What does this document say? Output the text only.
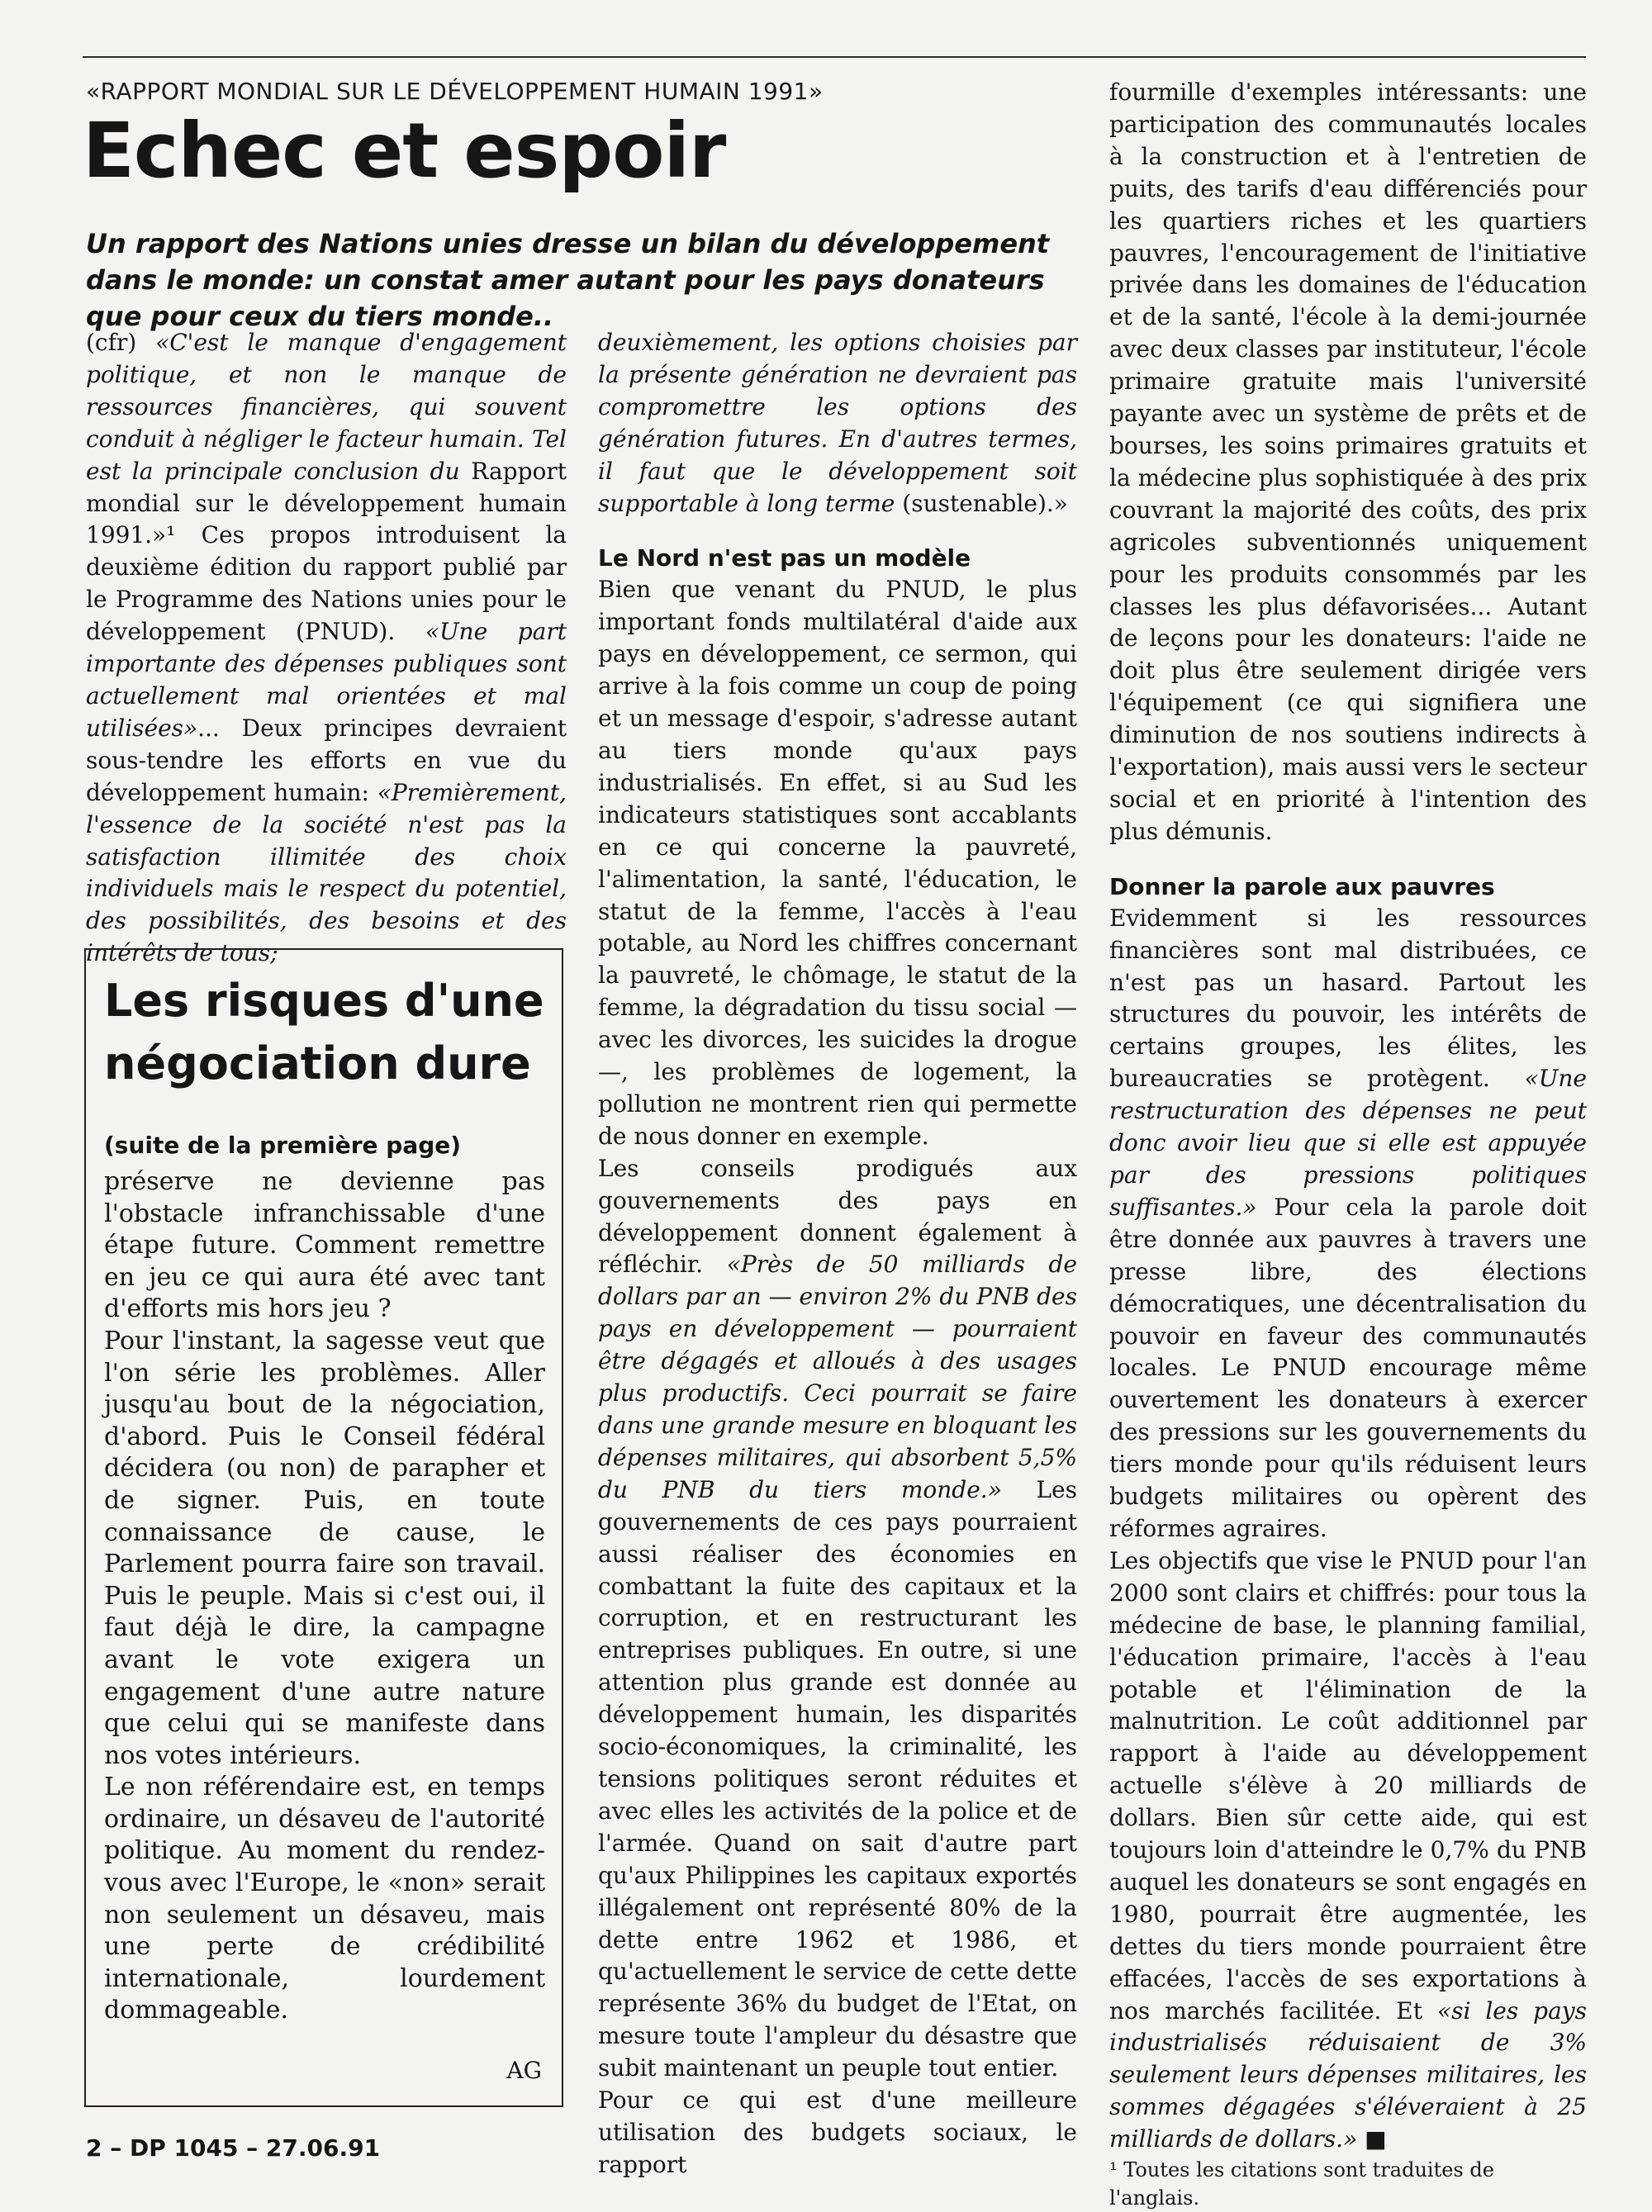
«RAPPORT MONDIAL SUR LE DÉVELOPPEMENT HUMAIN 1991»
Echec et espoir

Un rapport des Nations unies dresse un bilan du développement dans le monde: un constat amer autant pour les pays donateurs que pour ceux du tiers monde..

(cfr) «C'est le manque d'engagement politique, et non le manque de ressources financières, qui souvent conduit à négliger le facteur humain. Tel est la principale conclusion du Rapport mondial sur le développement humain 1991.»¹ Ces propos introduisent la deuxième édition du rapport publié par le Programme des Nations unies pour le développement (PNUD). «Une part importante des dépenses publiques sont actuellement mal orientées et mal utilisées»... Deux principes devraient sous-tendre les efforts en vue du développement humain: «Premièrement, l'essence de la société n'est pas la satisfaction illimitée des choix individuels mais le respect du potentiel, des possibilités, des besoins et des intérêts de tous;

Les risques d'une négociation dure
(suite de la première page)

préserve ne devienne pas l'obstacle infranchissable d'une étape future. Comment remettre en jeu ce qui aura été avec tant d'efforts mis hors jeu ?

Pour l'instant, la sagesse veut que l'on série les problèmes. Aller jusqu'au bout de la négociation, d'abord. Puis le Conseil fédéral décidera (ou non) de parapher et de signer. Puis, en toute connaissance de cause, le Parlement pourra faire son travail. Puis le peuple. Mais si c'est oui, il faut déjà le dire, la campagne avant le vote exigera un engagement d'une autre nature que celui qui se manifeste dans nos votes intérieurs.

Le non référendaire est, en temps ordinaire, un désaveu de l'autorité politique. Au moment du rendez-vous avec l'Europe, le «non» serait non seulement un désaveu, mais une perte de crédibilité internationale, lourdement dommageable.

AG

deuxièmement, les options choisies par la présente génération ne devraient pas compromettre les options des génération futures. En d'autres termes, il faut que le développement soit supportable à long terme (sustenable).»

Le Nord n'est pas un modèle

Bien que venant du PNUD, le plus important fonds multilatéral d'aide aux pays en développement, ce sermon, qui arrive à la fois comme un coup de poing et un message d'espoir, s'adresse autant au tiers monde qu'aux pays industrialisés. En effet, si au Sud les indicateurs statistiques sont accablants en ce qui concerne la pauvreté, l'alimentation, la santé, l'éducation, le statut de la femme, l'accès à l'eau potable, au Nord les chiffres concernant la pauvreté, le chômage, le statut de la femme, la dégradation du tissu social — avec les divorces, les suicides la drogue —, les problèmes de logement, la pollution ne montrent rien qui permette de nous donner en exemple.

Les conseils prodigués aux gouvernements des pays en développement donnent également à réfléchir. «Près de 50 milliards de dollars par an — environ 2% du PNB des pays en développement — pourraient être dégagés et alloués à des usages plus productifs. Ceci pourrait se faire dans une grande mesure en bloquant les dépenses militaires, qui absorbent 5,5% du PNB du tiers monde.» Les gouvernements de ces pays pourraient aussi réaliser des économies en combattant la fuite des capitaux et la corruption, et en restructurant les entreprises publiques. En outre, si une attention plus grande est donnée au développement humain, les disparités socio-économiques, la criminalité, les tensions politiques seront réduites et avec elles les activités de la police et de l'armée. Quand on sait d'autre part qu'aux Philippines les capitaux exportés illégalement ont représenté 80% de la dette entre 1962 et 1986, et qu'actuellement le service de cette dette représente 36% du budget de l'Etat, on mesure toute l'ampleur du désastre que subit maintenant un peuple tout entier.

Pour ce qui est d'une meilleure utilisation des budgets sociaux, le rapport

fourmille d'exemples intéressants: une participation des communautés locales à la construction et à l'entretien de puits, des tarifs d'eau différenciés pour les quartiers riches et les quartiers pauvres, l'encouragement de l'initiative privée dans les domaines de l'éducation et de la santé, l'école à la demi-journée avec deux classes par instituteur, l'école primaire gratuite mais l'université payante avec un système de prêts et de bourses, les soins primaires gratuits et la médecine plus sophistiquée à des prix couvrant la majorité des coûts, des prix agricoles subventionnés uniquement pour les produits consommés par les classes les plus défavorisées... Autant de leçons pour les donateurs: l'aide ne doit plus être seulement dirigée vers l'équipement (ce qui signifiera une diminution de nos soutiens indirects à l'exportation), mais aussi vers le secteur social et en priorité à l'intention des plus démunis.

Donner la parole aux pauvres

Evidemment si les ressources financières sont mal distribuées, ce n'est pas un hasard. Partout les structures du pouvoir, les intérêts de certains groupes, les élites, les bureaucraties se protègent. «Une restructuration des dépenses ne peut donc avoir lieu que si elle est appuyée par des pressions politiques suffisantes.» Pour cela la parole doit être donnée aux pauvres à travers une presse libre, des élections démocratiques, une décentralisation du pouvoir en faveur des communautés locales. Le PNUD encourage même ouvertement les donateurs à exercer des pressions sur les gouvernements du tiers monde pour qu'ils réduisent leurs budgets militaires ou opèrent des réformes agraires.

Les objectifs que vise le PNUD pour l'an 2000 sont clairs et chiffrés: pour tous la médecine de base, le planning familial, l'éducation primaire, l'accès à l'eau potable et l'élimination de la malnutrition. Le coût additionnel par rapport à l'aide au développement actuelle s'élève à 20 milliards de dollars. Bien sûr cette aide, qui est toujours loin d'atteindre le 0,7% du PNB auquel les donateurs se sont engagés en 1980, pourrait être augmentée, les dettes du tiers monde pourraient être effacées, l'accès de ses exportations à nos marchés facilitée. Et «si les pays industrialisés réduisaient de 3% seulement leurs dépenses militaires, les sommes dégagées s'éléveraient à 25 milliards de dollars.» ■

¹ Toutes les citations sont traduites de l'anglais.

2 – DP 1045 – 27.06.91
